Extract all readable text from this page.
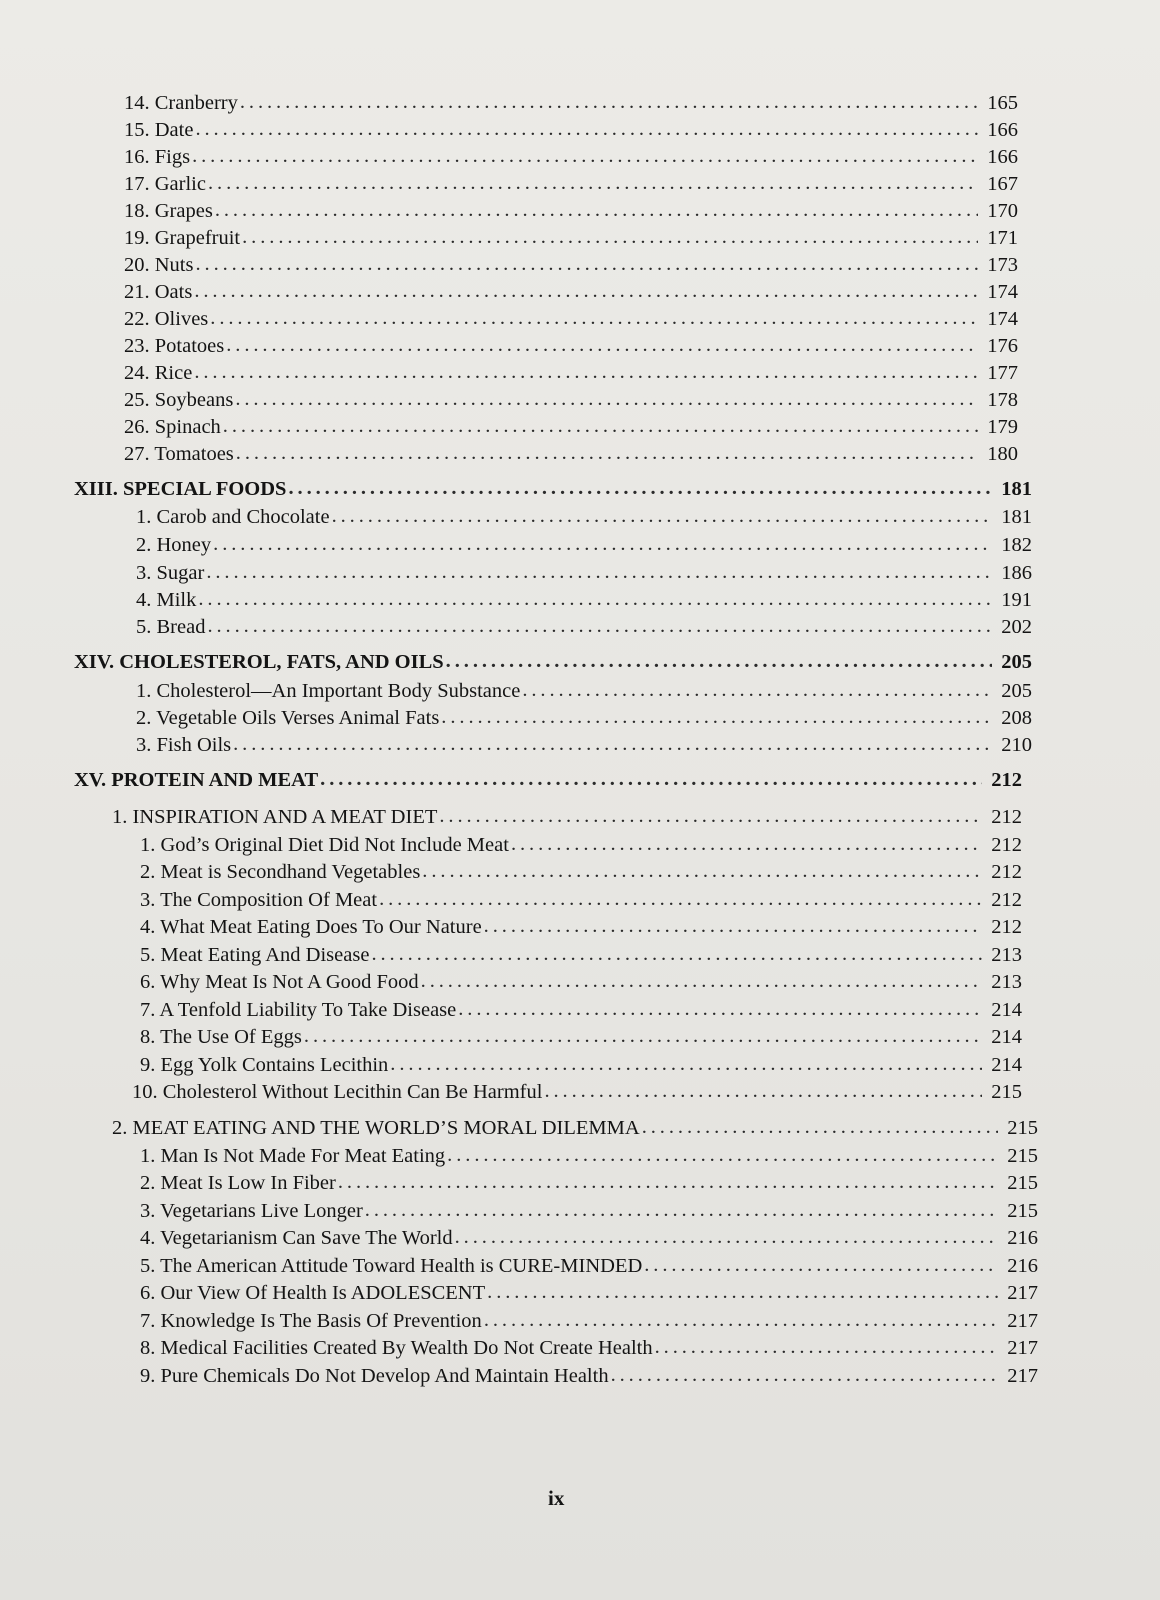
14. Cranberry . . .	165
15. Date . . .	166
16. Figs . . .	166
17. Garlic . . .	167
18. Grapes . . .	170
19. Grapefruit . . .	171
20. Nuts . . .	173
21. Oats . . .	174
22. Olives . . .	174
23. Potatoes . . .	176
24. Rice . . .	177
25. Soybeans . . .	178
26. Spinach . . .	179
27. Tomatoes . . .	180
XIII. SPECIAL FOODS . . .	181
1. Carob and Chocolate . . .	181
2. Honey . . .	182
3. Sugar . . .	186
4. Milk . . .	191
5. Bread . . .	202
XIV. CHOLESTEROL, FATS, AND OILS . . .	205
1. Cholesterol—An Important Body Substance . . .	205
2. Vegetable Oils Verses Animal Fats . . .	208
3. Fish Oils . . .	210
XV. PROTEIN AND MEAT . . .	212
1. INSPIRATION AND A MEAT DIET . . .	212
1. God’s Original Diet Did Not Include Meat . . .	212
2. Meat is Secondhand Vegetables . . .	212
3. The Composition Of Meat . . .	212
4. What Meat Eating Does To Our Nature . . .	212
5. Meat Eating And Disease . . .	213
6. Why Meat Is Not A Good Food . . .	213
7. A Tenfold Liability To Take Disease . . .	214
8. The Use Of Eggs . . .	214
9. Egg Yolk Contains Lecithin . . .	214
10. Cholesterol Without Lecithin Can Be Harmful . . .	215
2. MEAT EATING AND THE WORLD’S MORAL DILEMMA . . .	215
1. Man Is Not Made For Meat Eating . . .	215
2. Meat Is Low In Fiber . . .	215
3. Vegetarians Live Longer . . .	215
4. Vegetarianism Can Save The World . . .	216
5. The American Attitude Toward Health is CURE-MINDED . . .	216
6. Our View Of Health Is ADOLESCENT . . .	217
7. Knowledge Is The Basis Of Prevention . . .	217
8. Medical Facilities Created By Wealth Do Not Create Health . . .	217
9. Pure Chemicals Do Not Develop And Maintain Health . . .	217
ix
